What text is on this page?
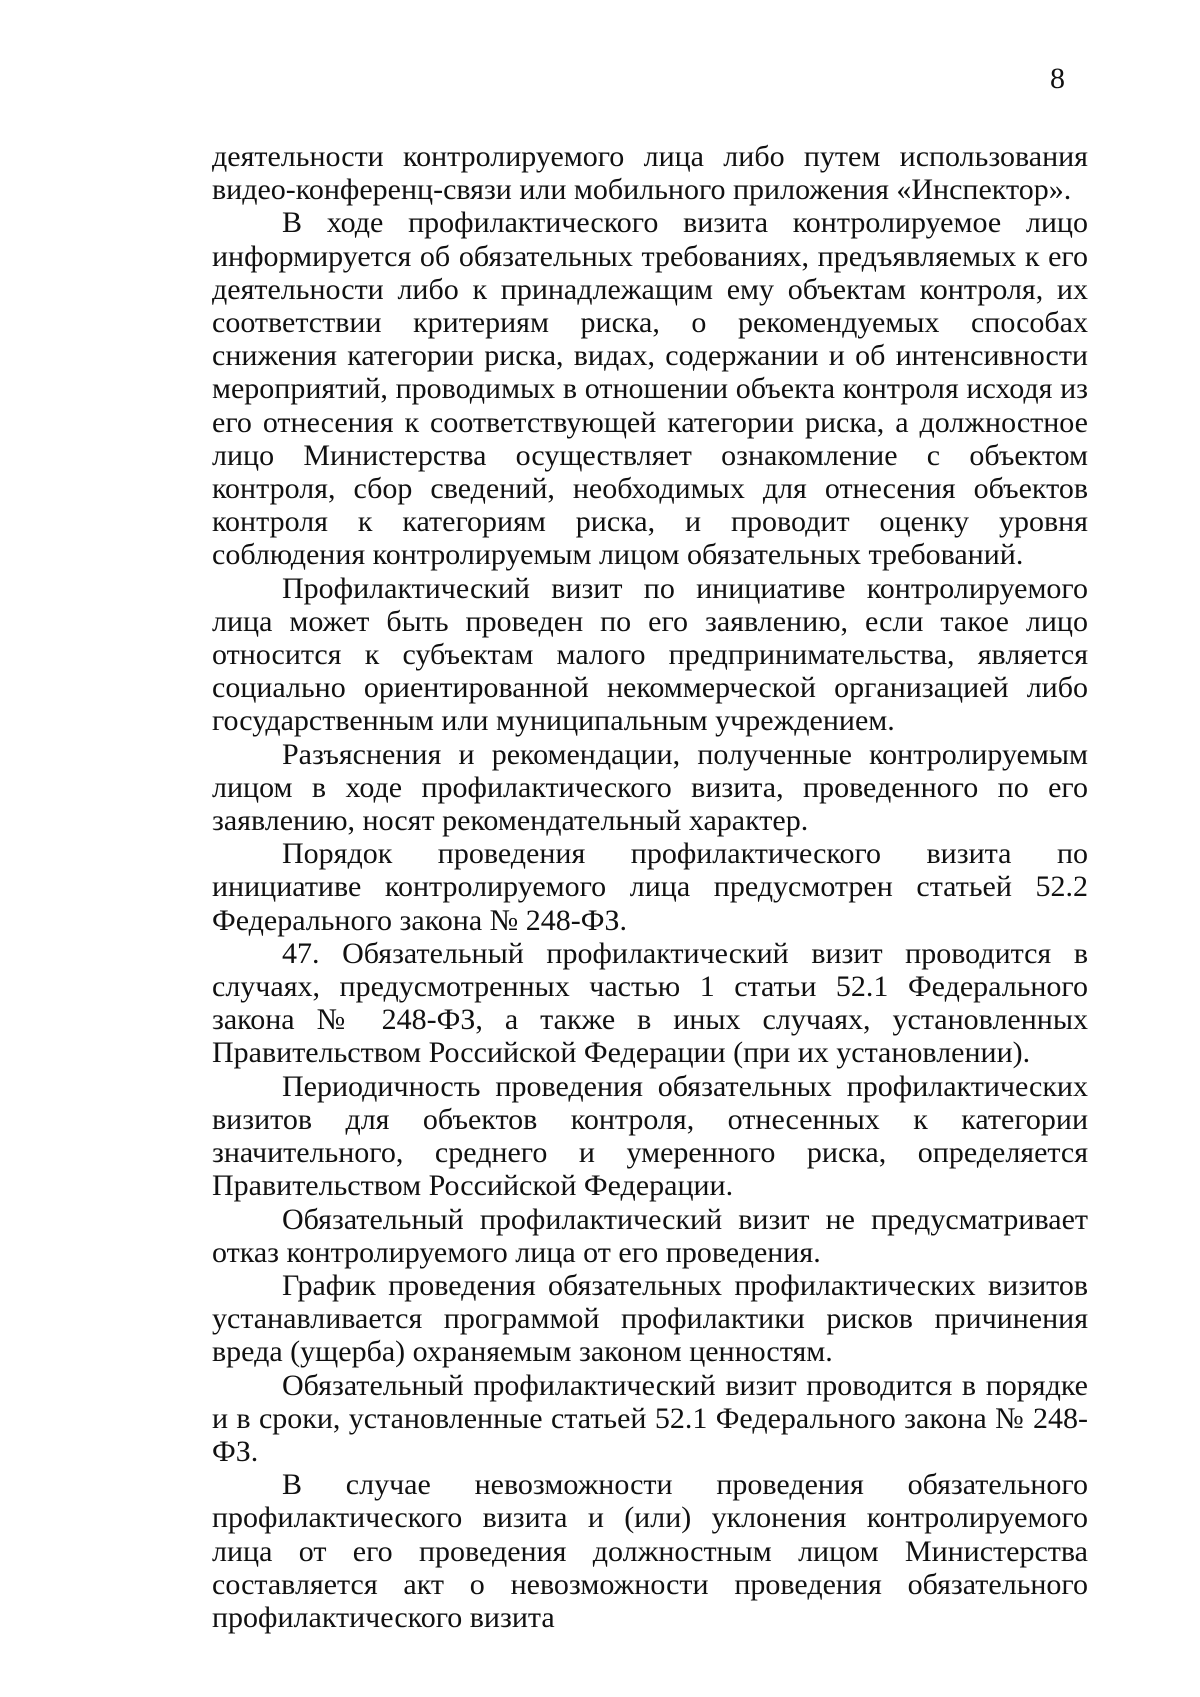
8

деятельности контролируемого лица либо путем использования видео-конференц-связи или мобильного приложения «Инспектор».

В ходе профилактического визита контролируемое лицо информируется об обязательных требованиях, предъявляемых к его деятельности либо к принадлежащим ему объектам контроля, их соответствии критериям риска, о рекомендуемых способах снижения категории риска, видах, содержании и об интенсивности мероприятий, проводимых в отношении объекта контроля исходя из его отнесения к соответствующей категории риска, а должностное лицо Министерства осуществляет ознакомление с объектом контроля, сбор сведений, необходимых для отнесения объектов контроля к категориям риска, и проводит оценку уровня соблюдения контролируемым лицом обязательных требований.

Профилактический визит по инициативе контролируемого лица может быть проведен по его заявлению, если такое лицо относится к субъектам малого предпринимательства, является социально ориентированной некоммерческой организацией либо государственным или муниципальным учреждением.

Разъяснения и рекомендации, полученные контролируемым лицом в ходе профилактического визита, проведенного по его заявлению, носят рекомендательный характер.

Порядок проведения профилактического визита по инициативе контролируемого лица предусмотрен статьей 52.2 Федерального закона № 248-ФЗ.

47. Обязательный профилактический визит проводится в случаях, предусмотренных частью 1 статьи 52.1 Федерального закона № 248-ФЗ, а также в иных случаях, установленных Правительством Российской Федерации (при их установлении).

Периодичность проведения обязательных профилактических визитов для объектов контроля, отнесенных к категории значительного, среднего и умеренного риска, определяется Правительством Российской Федерации.

Обязательный профилактический визит не предусматривает отказ контролируемого лица от его проведения.

График проведения обязательных профилактических визитов устанавливается программой профилактики рисков причинения вреда (ущерба) охраняемым законом ценностям.

Обязательный профилактический визит проводится в порядке и в сроки, установленные статьей 52.1 Федерального закона № 248-ФЗ.

В случае невозможности проведения обязательного профилактического визита и (или) уклонения контролируемого лица от его проведения должностным лицом Министерства составляется акт о невозможности проведения обязательного профилактического визита
